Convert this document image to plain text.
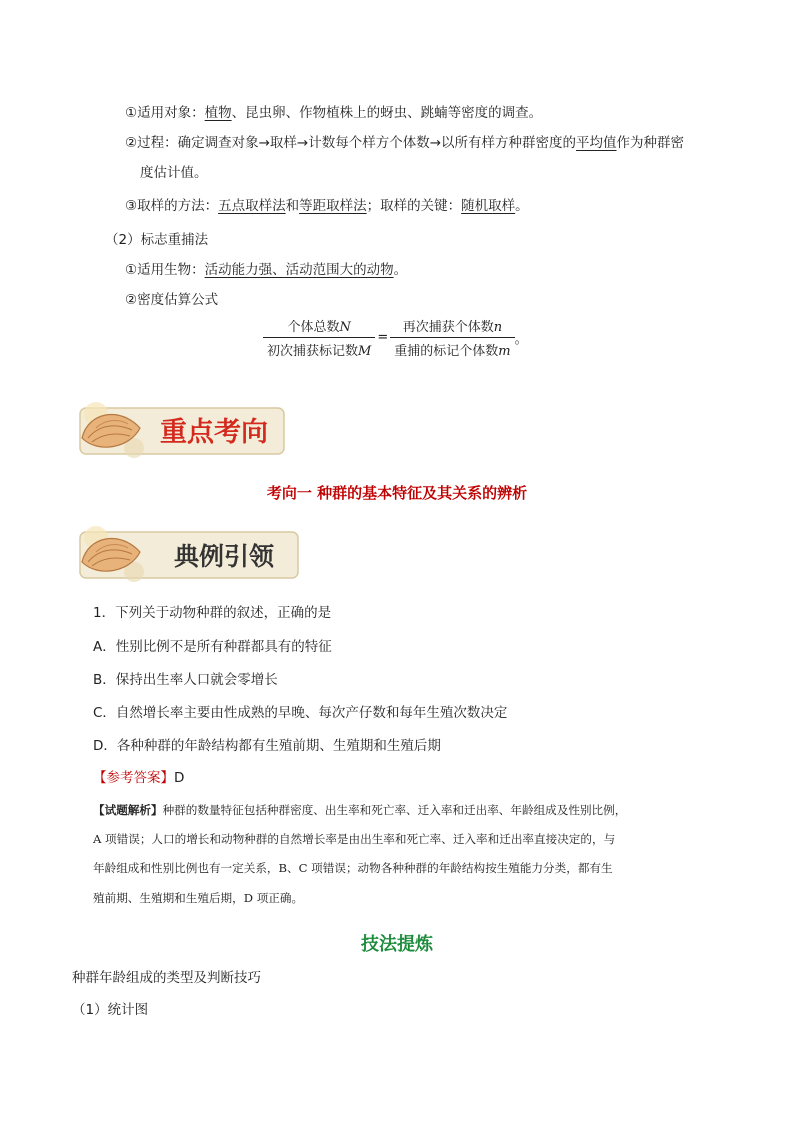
①适用对象：植物、昆虫卵、作物植株上的蚜虫、跳蝻等密度的调查。
②过程：确定调查对象→取样→计数每个样方个体数→以所有样方种群密度的平均值作为种群密
度估计值。
③取样的方法：五点取样法和等距取样法；取样的关键：随机取样。
（2）标志重捕法
①适用生物：活动能力强、活动范围大的动物。
②密度估算公式
$\frac{\text{个体总数N}}{\text{初次捕获标记数M}} = \frac{\text{再次捕获个体数n}}{\text{重捕的标记个体数m}}$ 。
重点考向
考向一 种群的基本特征及其关系的辨析
典例引领
1．下列关于动物种群的叙述，正确的是
A．性别比例不是所有种群都具有的特征
B．保持出生率人口就会零增长
C．自然增长率主要由性成熟的早晚、每次产仔数和每年生殖次数决定
D．各种种群的年龄结构都有生殖前期、生殖期和生殖后期
【参考答案】D
【试题解析】种群的数量特征包括种群密度、出生率和死亡率、迁入率和迁出率、年龄组成及性别比例，
A 项错误；人口的增长和动物种群的自然增长率是由出生率和死亡率、迁入率和迁出率直接决定的，与
年龄组成和性别比例也有一定关系，B、C 项错误；动物各种种群的年龄结构按生殖能力分类，都有生
殖前期、生殖期和生殖后期，D 项正确。
技法提炼
种群年龄组成的类型及判断技巧
（1）统计图
